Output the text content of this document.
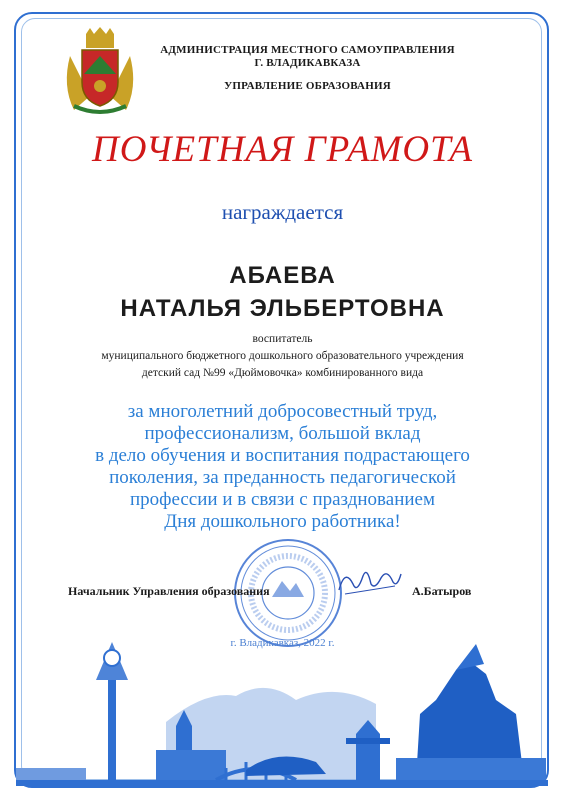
АДМИНИСТРАЦИЯ МЕСТНОГО САМОУПРАВЛЕНИЯ
Г. ВЛАДИКАВКАЗА
УПРАВЛЕНИЕ ОБРАЗОВАНИЯ
ПОЧЕТНАЯ ГРАМОТА
награждается
АБАЕВА
НАТАЛЬЯ ЭЛЬБЕРТОВНА
воспитатель
муниципального бюджетного дошкольного образовательного учреждения
детский сад №99 «Дюймовочка» комбинированного вида
за многолетний добросовестный труд,
профессионализм, большой вклад
в дело обучения и воспитания подрастающего
поколения, за преданность педагогической
профессии и в связи с празднованием
Дня дошкольного работника!
Начальник Управления образования	А.Батыров
г. Владикавказ, 2022 г.
